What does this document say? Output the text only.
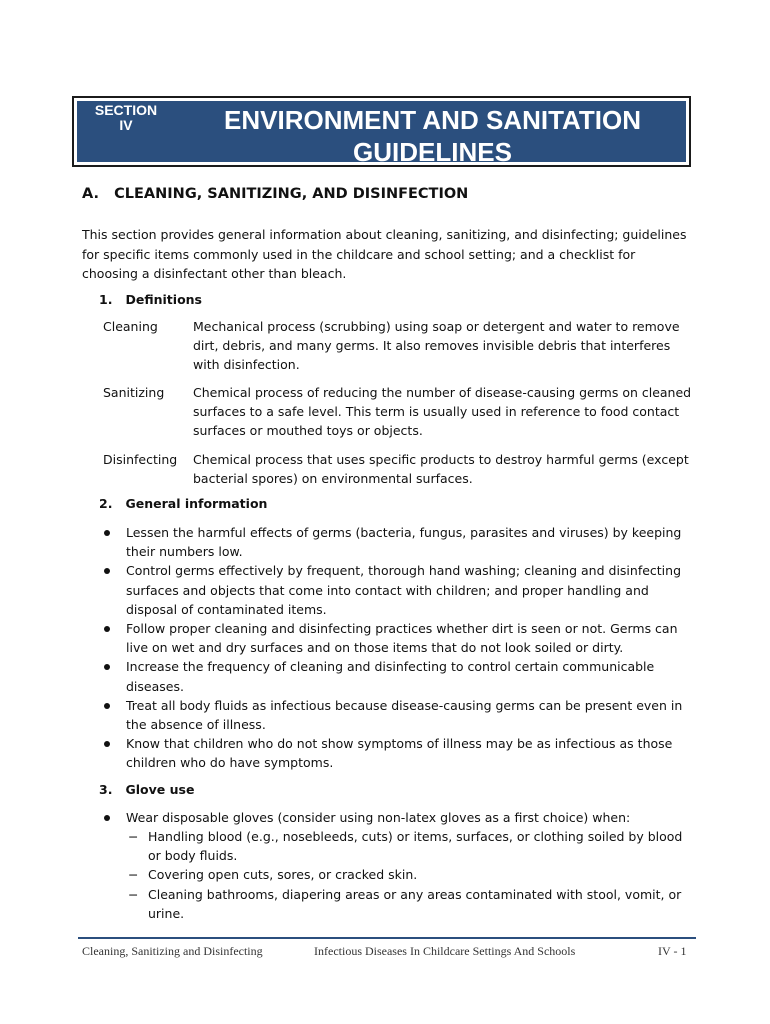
SECTION
IV	ENVIRONMENT AND SANITATION
GUIDELINES
A.   CLEANING, SANITIZING, AND DISINFECTION
This section provides general information about cleaning, sanitizing, and disinfecting; guidelines for specific items commonly used in the childcare and school setting; and a checklist for choosing a disinfectant other than bleach.
1.   Definitions
Cleaning	Mechanical process (scrubbing) using soap or detergent and water to remove dirt, debris, and many germs. It also removes invisible debris that interferes with disinfection.
Sanitizing Chemical process of reducing the number of disease-causing germs on cleaned surfaces to a safe level. This term is usually used in reference to food contact surfaces or mouthed toys or objects.
Disinfecting Chemical process that uses specific products to destroy harmful germs (except bacterial spores) on environmental surfaces.
2.   General information
Lessen the harmful effects of germs (bacteria, fungus, parasites and viruses) by keeping their numbers low.
Control germs effectively by frequent, thorough hand washing; cleaning and disinfecting surfaces and objects that come into contact with children; and proper handling and disposal of contaminated items.
Follow proper cleaning and disinfecting practices whether dirt is seen or not. Germs can live on wet and dry surfaces and on those items that do not look soiled or dirty.
Increase the frequency of cleaning and disinfecting to control certain communicable diseases.
Treat all body fluids as infectious because disease-causing germs can be present even in the absence of illness.
Know that children who do not show symptoms of illness may be as infectious as those children who do have symptoms.
3.   Glove use
Wear disposable gloves (consider using non-latex gloves as a first choice) when:
− Handling blood (e.g., nosebleeds, cuts) or items, surfaces, or clothing soiled by blood or body fluids.
− Covering open cuts, sores, or cracked skin.
− Cleaning bathrooms, diapering areas or any areas contaminated with stool, vomit, or urine.
Cleaning, Sanitizing and Disinfecting	Infectious Diseases In Childcare Settings And Schools	IV - 1
